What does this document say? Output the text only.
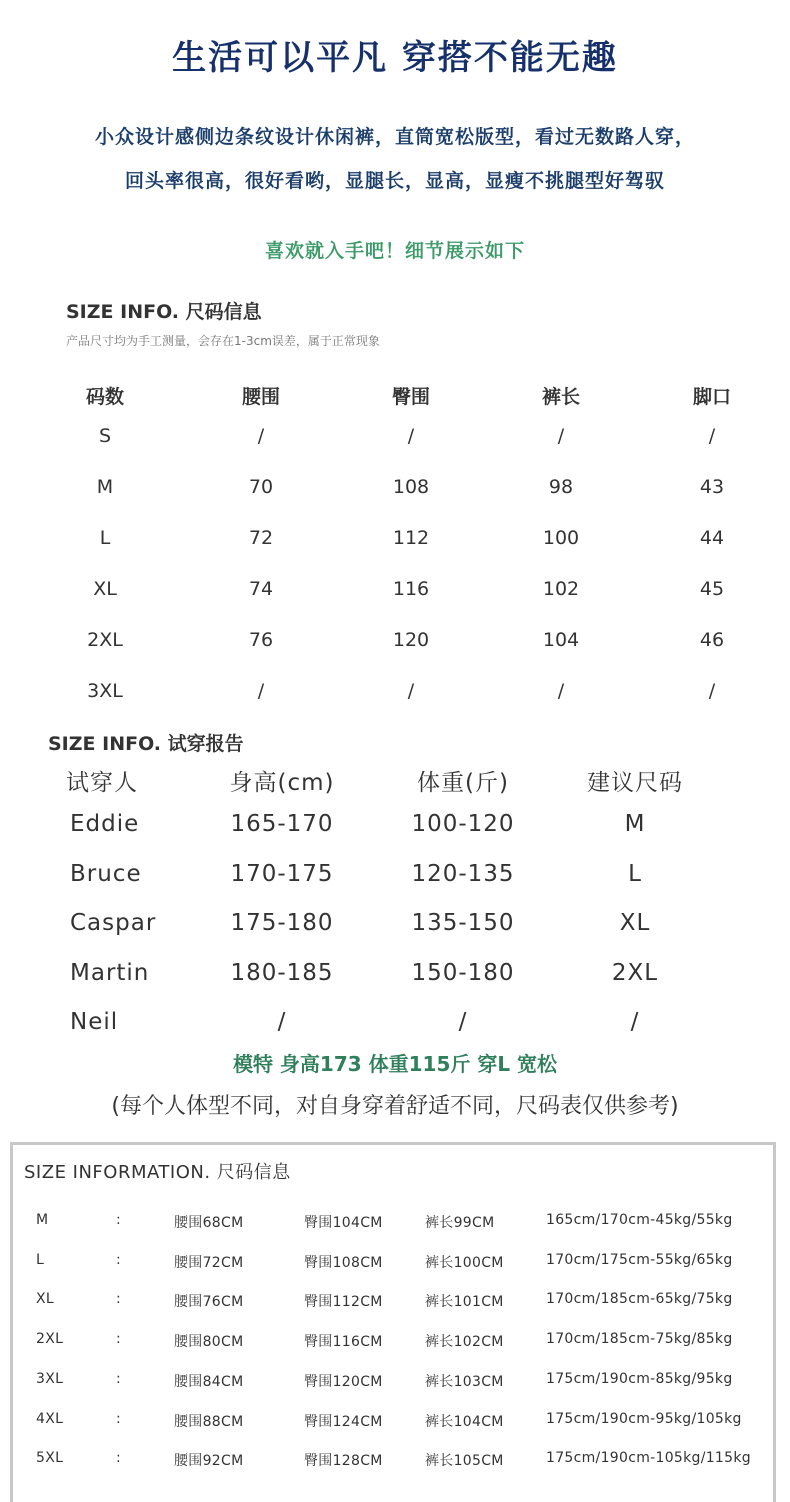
生活可以平凡 穿搭不能无趣
小众设计感侧边条纹设计休闲裤，直筒宽松版型，看过无数路人穿，
回头率很高，很好看哟，显腿长，显高，显瘦不挑腿型好驾驭
喜欢就入手吧！细节展示如下
SIZE INFO. 尺码信息
产品尺寸均为手工测量，会存在1-3cm误差，属于正常现象
码数	腰围	臀围	裤长	脚口
S	/	/	/	/
M	70	108	98	43
L	72	112	100	44
XL	74	116	102	45
2XL	76	120	104	46
3XL	/	/	/	/
SIZE INFO. 试穿报告
试穿人	身高(cm)	体重(斤)	建议尺码
Eddie	165-170	100-120	M
Bruce	170-175	120-135	L
Caspar	175-180	135-150	XL
Martin	180-185	150-180	2XL
Neil	/	/	/
模特 身高173 体重115斤 穿L 宽松
(每个人体型不同，对自身穿着舒适不同，尺码表仅供参考)
SIZE INFORMATION. 尺码信息
M	:	腰围68CM	臀围104CM	裤长99CM	165cm/170cm-45kg/55kg
L	:	腰围72CM	臀围108CM	裤长100CM	170cm/175cm-55kg/65kg
XL	:	腰围76CM	臀围112CM	裤长101CM	170cm/185cm-65kg/75kg
2XL	:	腰围80CM	臀围116CM	裤长102CM	170cm/185cm-75kg/85kg
3XL	:	腰围84CM	臀围120CM	裤长103CM	175cm/190cm-85kg/95kg
4XL	:	腰围88CM	臀围124CM	裤长104CM	175cm/190cm-95kg/105kg
5XL	:	腰围92CM	臀围128CM	裤长105CM	175cm/190cm-105kg/115kg
